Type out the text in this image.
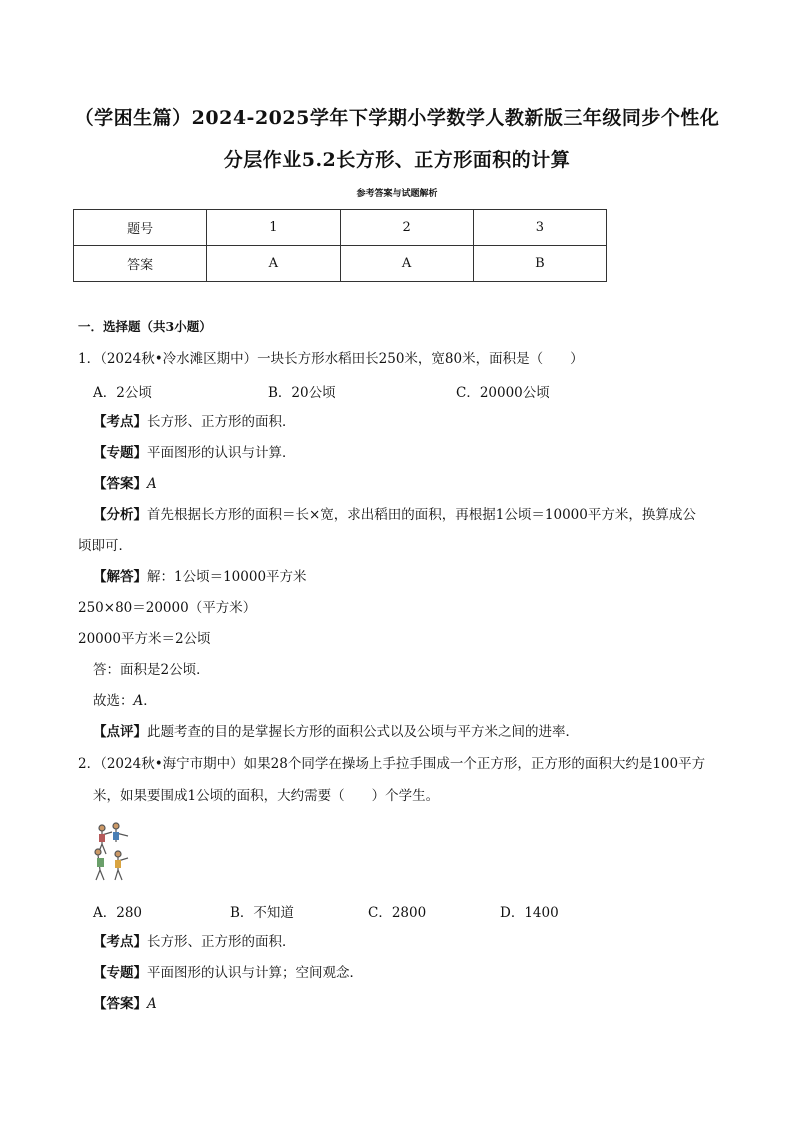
（学困生篇）2024-2025学年下学期小学数学人教新版三年级同步个性化
分层作业5.2长方形、正方形面积的计算
参考答案与试题解析
题号	1	2	3
答案	A	A	B
一．选择题（共3小题）
1．（2024秋•冷水滩区期中）一块长方形水稻田长250米，宽80米，面积是（　　）
A．2公顷	B．20公顷	C．20000公顷
【考点】长方形、正方形的面积．
【专题】平面图形的认识与计算．
【答案】A
【分析】首先根据长方形的面积＝长×宽，求出稻田的面积，再根据1公顷＝10000平方米，换算成公
顷即可．
【解答】解：1公顷＝10000平方米
250×80＝20000（平方米）
20000平方米＝2公顷
答：面积是2公顷．
故选：A．
【点评】此题考查的目的是掌握长方形的面积公式以及公顷与平方米之间的进率．
2．（2024秋•海宁市期中）如果28个同学在操场上手拉手围成一个正方形，正方形的面积大约是100平方
米，如果要围成1公顷的面积，大约需要（　　）个学生。
A．280	B．不知道	C．2800	D．1400
【考点】长方形、正方形的面积．
【专题】平面图形的认识与计算；空间观念．
【答案】A
